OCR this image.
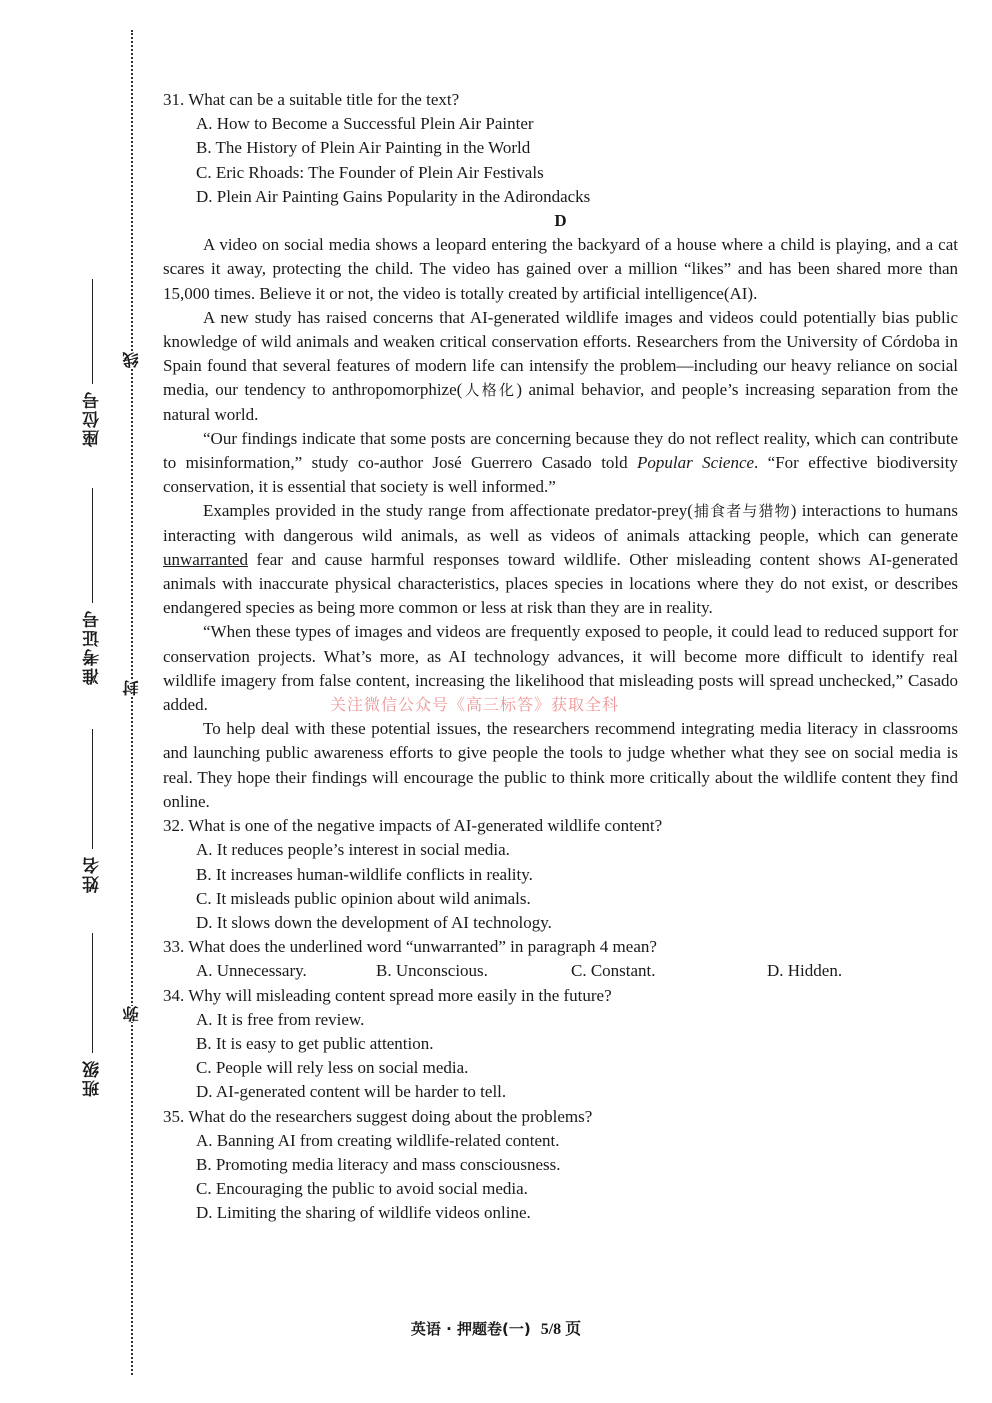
线
封
弥
座位号
准考证号
姓名
班级

31. What can be a suitable title for the text?

A. How to Become a Successful Plein Air Painter

B. The History of Plein Air Painting in the World

C. Eric Rhoads: The Founder of Plein Air Festivals

D. Plein Air Painting Gains Popularity in the Adirondacks

D

A video on social media shows a leopard entering the backyard of a house where a child is playing, and a cat scares it away, protecting the child. The video has gained over a million “likes” and has been shared more than 15,000 times. Believe it or not, the video is totally created by artificial intelligence(AI).

A new study has raised concerns that AI-generated wildlife images and videos could potentially bias public knowledge of wild animals and weaken critical conservation efforts. Researchers from the University of Córdoba in Spain found that several features of modern life can intensify the problem—including our heavy reliance on social media, our tendency to anthropomorphize(人格化) animal behavior, and people’s increasing separation from the natural world.

“Our findings indicate that some posts are concerning because they do not reflect reality, which can contribute to misinformation,” study co-author José Guerrero Casado told Popular Science. “For effective biodiversity conservation, it is essential that society is well informed.”

Examples provided in the study range from affectionate predator-prey(捕食者与猎物) interactions to humans interacting with dangerous wild animals, as well as videos of animals attacking people, which can generate unwarranted fear and cause harmful responses toward wildlife. Other misleading content shows AI-generated animals with inaccurate physical characteristics, places species in locations where they do not exist, or describes endangered species as being more common or less at risk than they are in reality.

“When these types of images and videos are frequently exposed to people, it could lead to reduced support for conservation projects. What’s more, as AI technology advances, it will become more difficult to identify real wildlife imagery from false content, increasing the likelihood that misleading posts will spread unchecked,” Casado added.

To help deal with these potential issues, the researchers recommend integrating media literacy in classrooms and launching public awareness efforts to give people the tools to judge whether what they see on social media is real. They hope their findings will encourage the public to think more critically about the wildlife content they find online.

32. What is one of the negative impacts of AI-generated wildlife content?

A. It reduces people’s interest in social media.

B. It increases human-wildlife conflicts in reality.

C. It misleads public opinion about wild animals.

D. It slows down the development of AI technology.

33. What does the underlined word “unwarranted” in paragraph 4 mean?

A. Unnecessary.	B. Unconscious.	C. Constant.	D. Hidden.

34. Why will misleading content spread more easily in the future?

A. It is free from review.

B. It is easy to get public attention.

C. People will rely less on social media.

D. AI-generated content will be harder to tell.

35. What do the researchers suggest doing about the problems?

A. Banning AI from creating wildlife-related content.

B. Promoting media literacy and mass consciousness.

C. Encouraging the public to avoid social media.

D. Limiting the sharing of wildlife videos online.

关注微信公众号《高三标答》获取全科
英语 · 押题卷(一) 5/8 页
